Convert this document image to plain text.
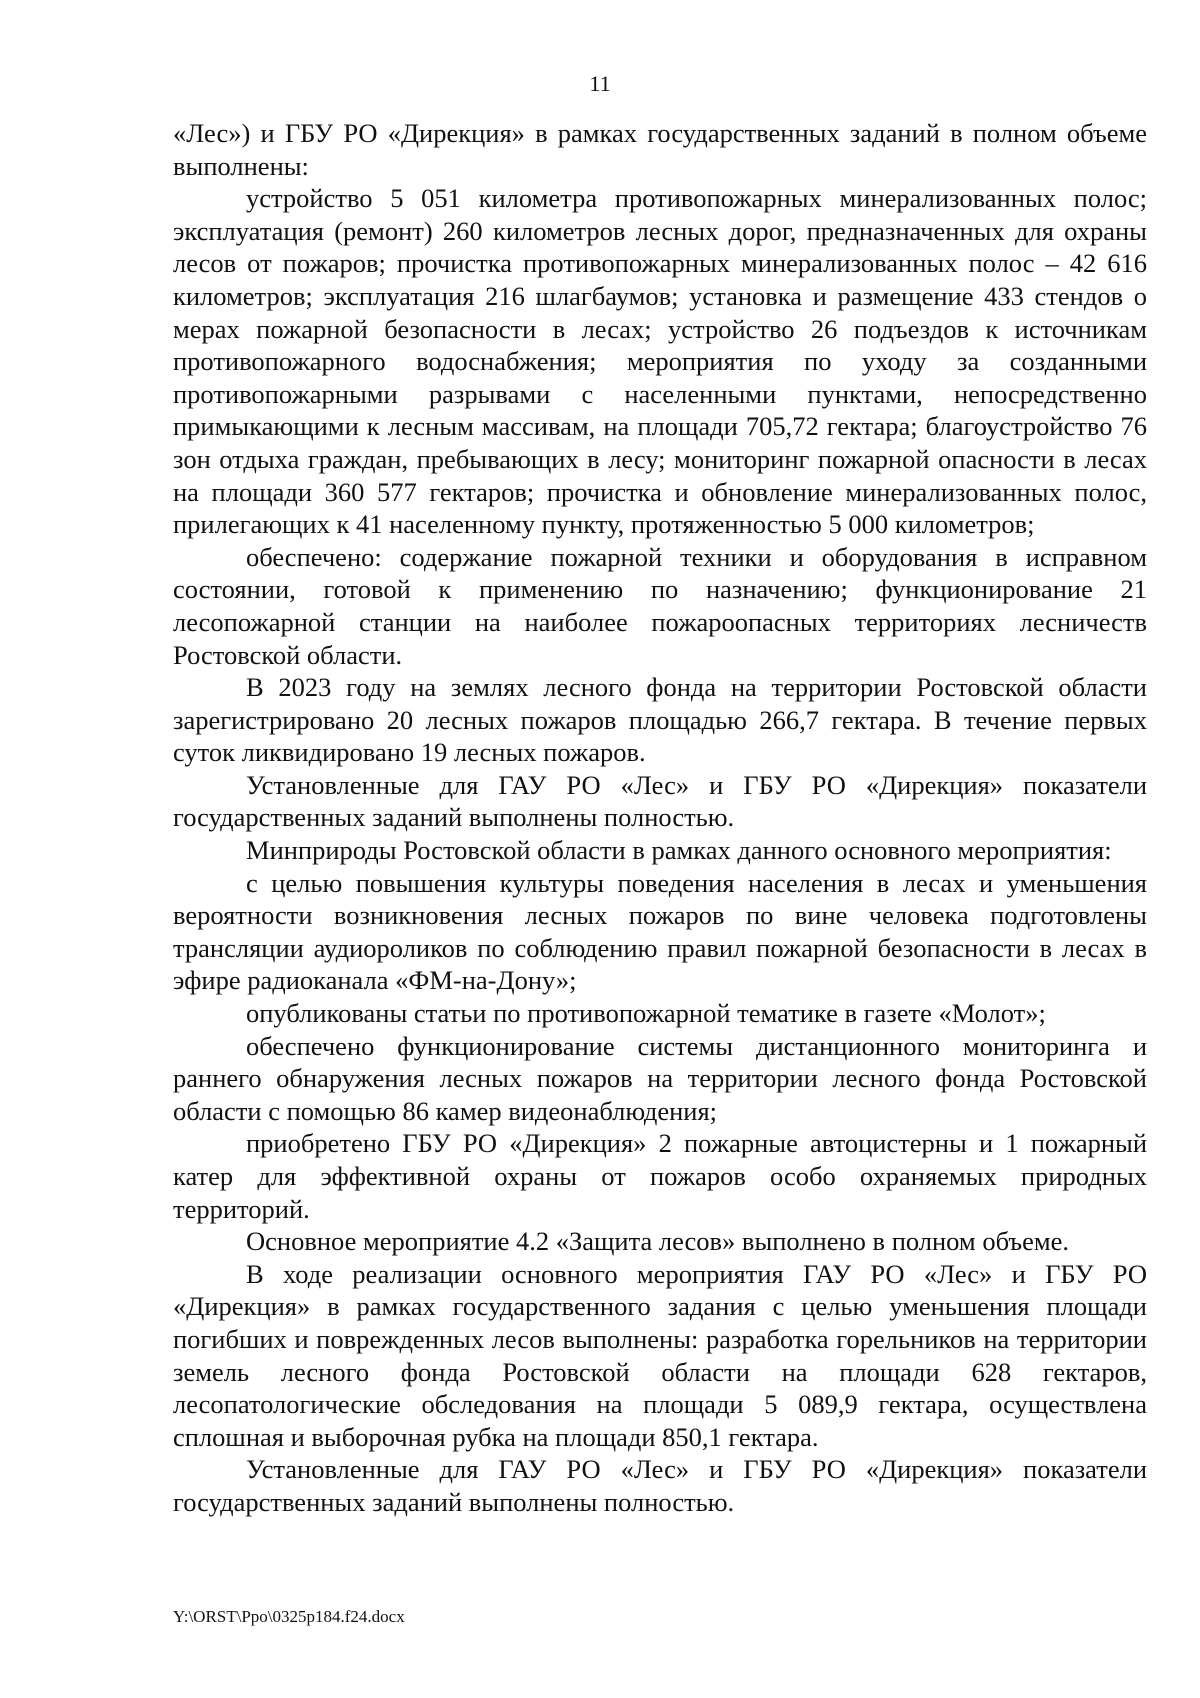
11

«Лес») и ГБУ РО «Дирекция» в рамках государственных заданий в полном объеме выполнены:

устройство 5 051 километра противопожарных минерализованных полос; эксплуатация (ремонт) 260 километров лесных дорог, предназначенных для охраны лесов от пожаров; прочистка противопожарных минерализованных полос – 42 616 километров; эксплуатация 216 шлагбаумов; установка и размещение 433 стендов о мерах пожарной безопасности в лесах; устройство 26 подъездов к источникам противопожарного водоснабжения; мероприятия по уходу за созданными противопожарными разрывами с населенными пунктами, непосредственно примыкающими к лесным массивам, на площади 705,72 гектара; благоустройство 76 зон отдыха граждан, пребывающих в лесу; мониторинг пожарной опасности в лесах на площади 360 577 гектаров; прочистка и обновление минерализованных полос, прилегающих к 41 населенному пункту, протяженностью 5 000 километров;

обеспечено: содержание пожарной техники и оборудования в исправном состоянии, готовой к применению по назначению; функционирование 21 лесопожарной станции на наиболее пожароопасных территориях лесничеств Ростовской области.

В 2023 году на землях лесного фонда на территории Ростовской области зарегистрировано 20 лесных пожаров площадью 266,7 гектара. В течение первых суток ликвидировано 19 лесных пожаров.

Установленные для ГАУ РО «Лес» и ГБУ РО «Дирекция» показатели государственных заданий выполнены полностью.

Минприроды Ростовской области в рамках данного основного мероприятия:

с целью повышения культуры поведения населения в лесах и уменьшения вероятности возникновения лесных пожаров по вине человека подготовлены трансляции аудиороликов по соблюдению правил пожарной безопасности в лесах в эфире радиоканала «ФМ-на-Дону»;

опубликованы статьи по противопожарной тематике в газете «Молот»;

обеспечено функционирование системы дистанционного мониторинга и раннего обнаружения лесных пожаров на территории лесного фонда Ростовской области с помощью 86 камер видеонаблюдения;

приобретено ГБУ РО «Дирекция» 2 пожарные автоцистерны и 1 пожарный катер для эффективной охраны от пожаров особо охраняемых природных территорий.

Основное мероприятие 4.2 «Защита лесов» выполнено в полном объеме.

В ходе реализации основного мероприятия ГАУ РО «Лес» и ГБУ РО «Дирекция» в рамках государственного задания с целью уменьшения площади погибших и поврежденных лесов выполнены: разработка горельников на территории земель лесного фонда Ростовской области на площади 628 гектаров, лесопатологические обследования на площади 5 089,9 гектара, осуществлена сплошная и выборочная рубка на площади 850,1 гектара.

Установленные для ГАУ РО «Лес» и ГБУ РО «Дирекция» показатели государственных заданий выполнены полностью.

Y:\ORST\Ppo\0325p184.f24.docx
